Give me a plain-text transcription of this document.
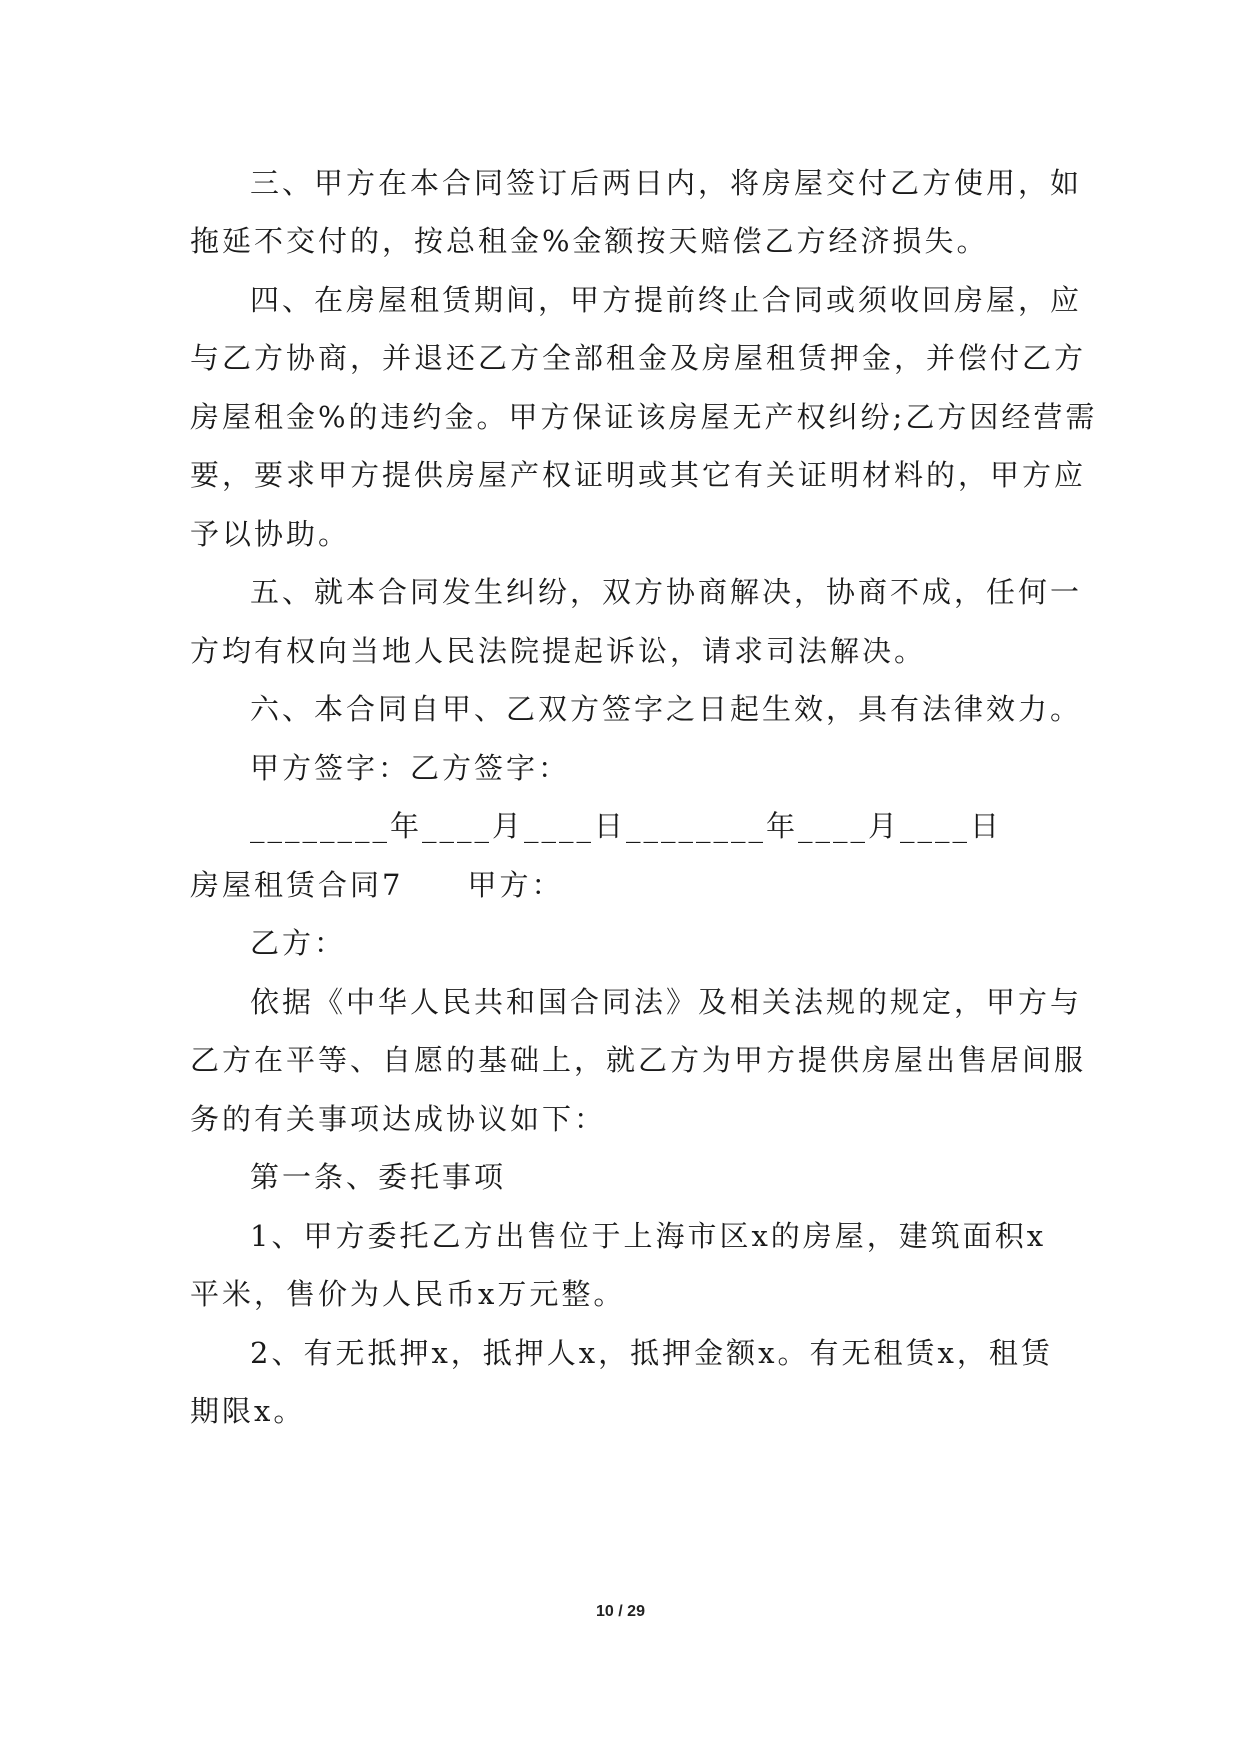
三、甲方在本合同签订后两日内，将房屋交付乙方使用，如
拖延不交付的，按总租金%金额按天赔偿乙方经济损失。
四、在房屋租赁期间，甲方提前终止合同或须收回房屋，应
与乙方协商，并退还乙方全部租金及房屋租赁押金，并偿付乙方
房屋租金%的违约金。甲方保证该房屋无产权纠纷;乙方因经营需
要，要求甲方提供房屋产权证明或其它有关证明材料的，甲方应
予以协助。
五、就本合同发生纠纷，双方协商解决，协商不成，任何一
方均有权向当地人民法院提起诉讼，请求司法解决。
六、本合同自甲、乙双方签字之日起生效，具有法律效力。
甲方签字：乙方签字：
________年____月____日________年____月____日
房屋租赁合同7　　甲方：
乙方：
依据《中华人民共和国合同法》及相关法规的规定，甲方与
乙方在平等、自愿的基础上，就乙方为甲方提供房屋出售居间服
务的有关事项达成协议如下：
第一条、委托事项
1、甲方委托乙方出售位于上海市区x的房屋，建筑面积x
平米，售价为人民币x万元整。
2、有无抵押x，抵押人x，抵押金额x。有无租赁x，租赁
期限x。
10 / 29
